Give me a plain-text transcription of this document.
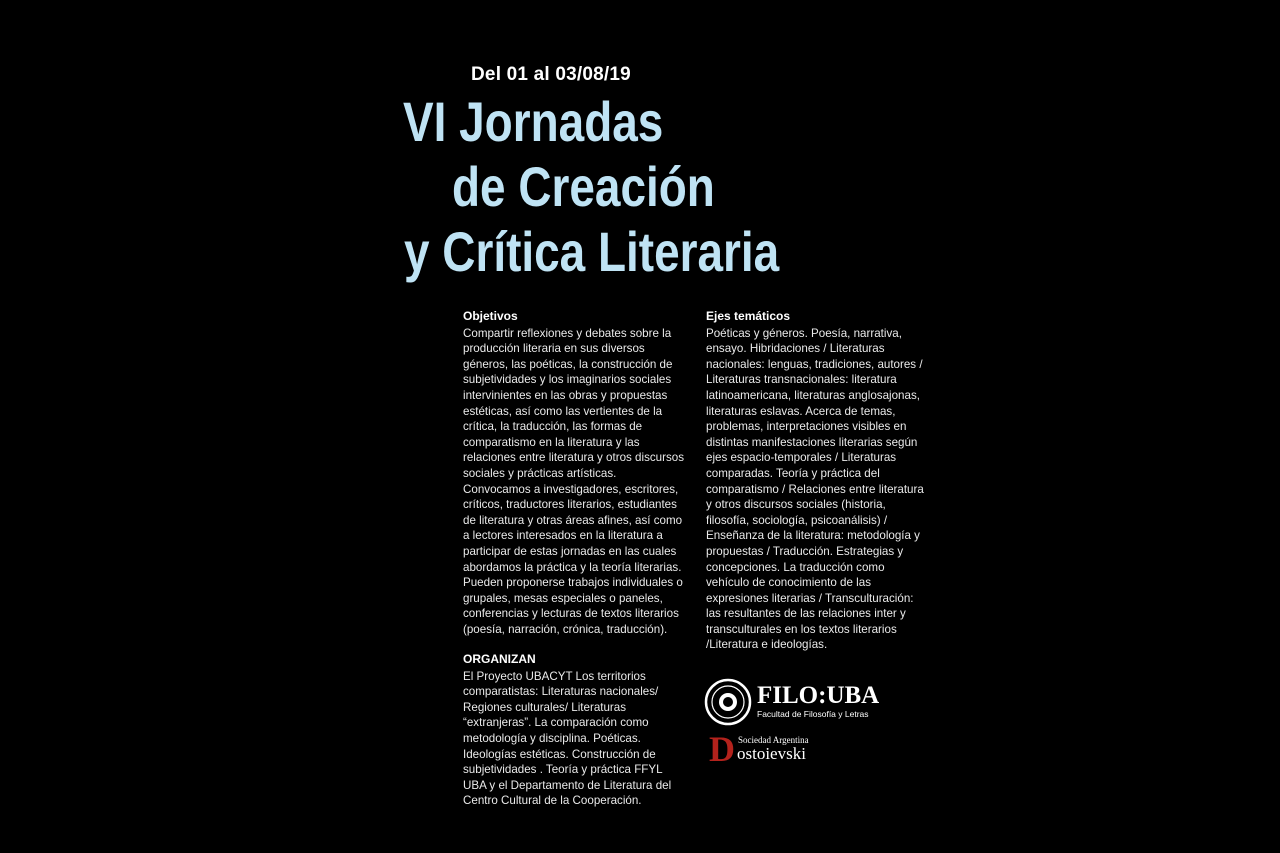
Del 01 al 03/08/19
VI Jornadas
de Creación
y Crítica Literaria
Objetivos

Compartir reflexiones y debates sobre la producción literaria en sus diversos géneros, las poéticas, la construcción de subjetividades y los imaginarios sociales intervinientes en las obras y propuestas estéticas, así como las vertientes de la crítica, la traducción, las formas de comparatismo en la literatura y las relaciones entre literatura y otros discursos sociales y prácticas artísticas. Convocamos a investigadores, escritores, críticos, traductores literarios, estudiantes de literatura y otras áreas afines, así como a lectores interesados en la literatura a participar de estas jornadas en las cuales abordamos la práctica y la teoría literarias. Pueden proponerse trabajos individuales o grupales, mesas especiales o paneles, conferencias y lecturas de textos literarios (poesía, narración, crónica, traducción).

Ejes temáticos

Poéticas y géneros. Poesía, narrativa, ensayo. Hibridaciones / Literaturas nacionales: lenguas, tradiciones, autores / Literaturas transnacionales: literatura latinoamericana, literaturas anglosajonas, literaturas eslavas. Acerca de temas, problemas, interpretaciones visibles en distintas manifestaciones literarias según ejes espacio-temporales / Literaturas comparadas. Teoría y práctica del comparatismo / Relaciones entre literatura y otros discursos sociales (historia, filosofía, sociología, psicoanálisis) / Enseñanza de la literatura: metodología y propuestas / Traducción. Estrategias y concepciones. La traducción como vehículo de conocimiento de las expresiones literarias / Transculturación: las resultantes de las relaciones inter y transculturales en los textos literarios /Literatura e ideologías.

ORGANIZAN

El Proyecto UBACYT Los territorios comparatistas: Literaturas nacionales/ Regiones culturales/ Literaturas “extranjeras”. La comparación como metodología y disciplina. Poéticas. Ideologías estéticas. Construcción de subjetividades . Teoría y práctica FFYL UBA y el Departamento de Literatura del Centro Cultural de la Cooperación.

FILO:UBA
Facultad de Filosofía y Letras
Sociedad Argentina
D ostoievski
